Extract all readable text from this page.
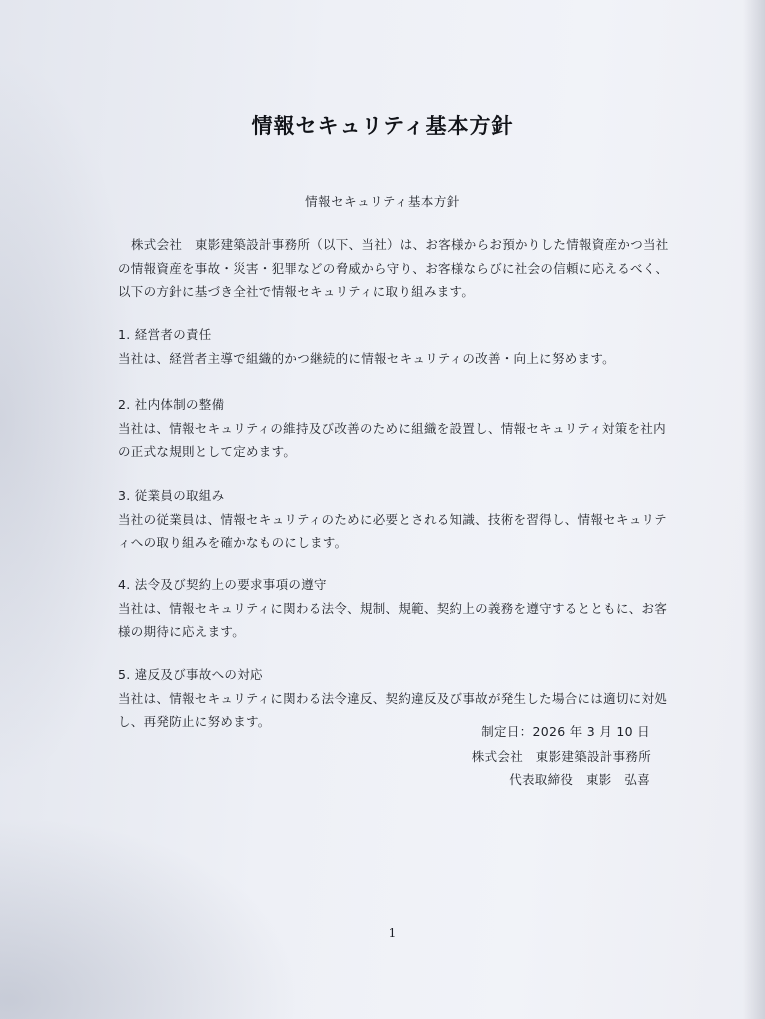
情報セキュリティ基本方針
情報セキュリティ基本方針
株式会社　東影建築設計事務所（以下、当社）は、お客様からお預かりした情報資産かつ当社
の情報資産を事故・災害・犯罪などの脅威から守り、お客様ならびに社会の信頼に応えるべく、
以下の方針に基づき全社で情報セキュリティに取り組みます。
1. 経営者の責任
当社は、経営者主導で組織的かつ継続的に情報セキュリティの改善・向上に努めます。
2. 社内体制の整備
当社は、情報セキュリティの維持及び改善のために組織を設置し、情報セキュリティ対策を社内
の正式な規則として定めます。
3. 従業員の取組み
当社の従業員は、情報セキュリティのために必要とされる知識、技術を習得し、情報セキュリテ
ィへの取り組みを確かなものにします。
4. 法令及び契約上の要求事項の遵守
当社は、情報セキュリティに関わる法令、規制、規範、契約上の義務を遵守するとともに、お客
様の期待に応えます。
5. 違反及び事故への対応
当社は、情報セキュリティに関わる法令違反、契約違反及び事故が発生した場合には適切に対処
し、再発防止に努めます。
制定日：2026 年 3 月 10 日
株式会社　東影建築設計事務所
代表取締役　東影　弘喜
1
